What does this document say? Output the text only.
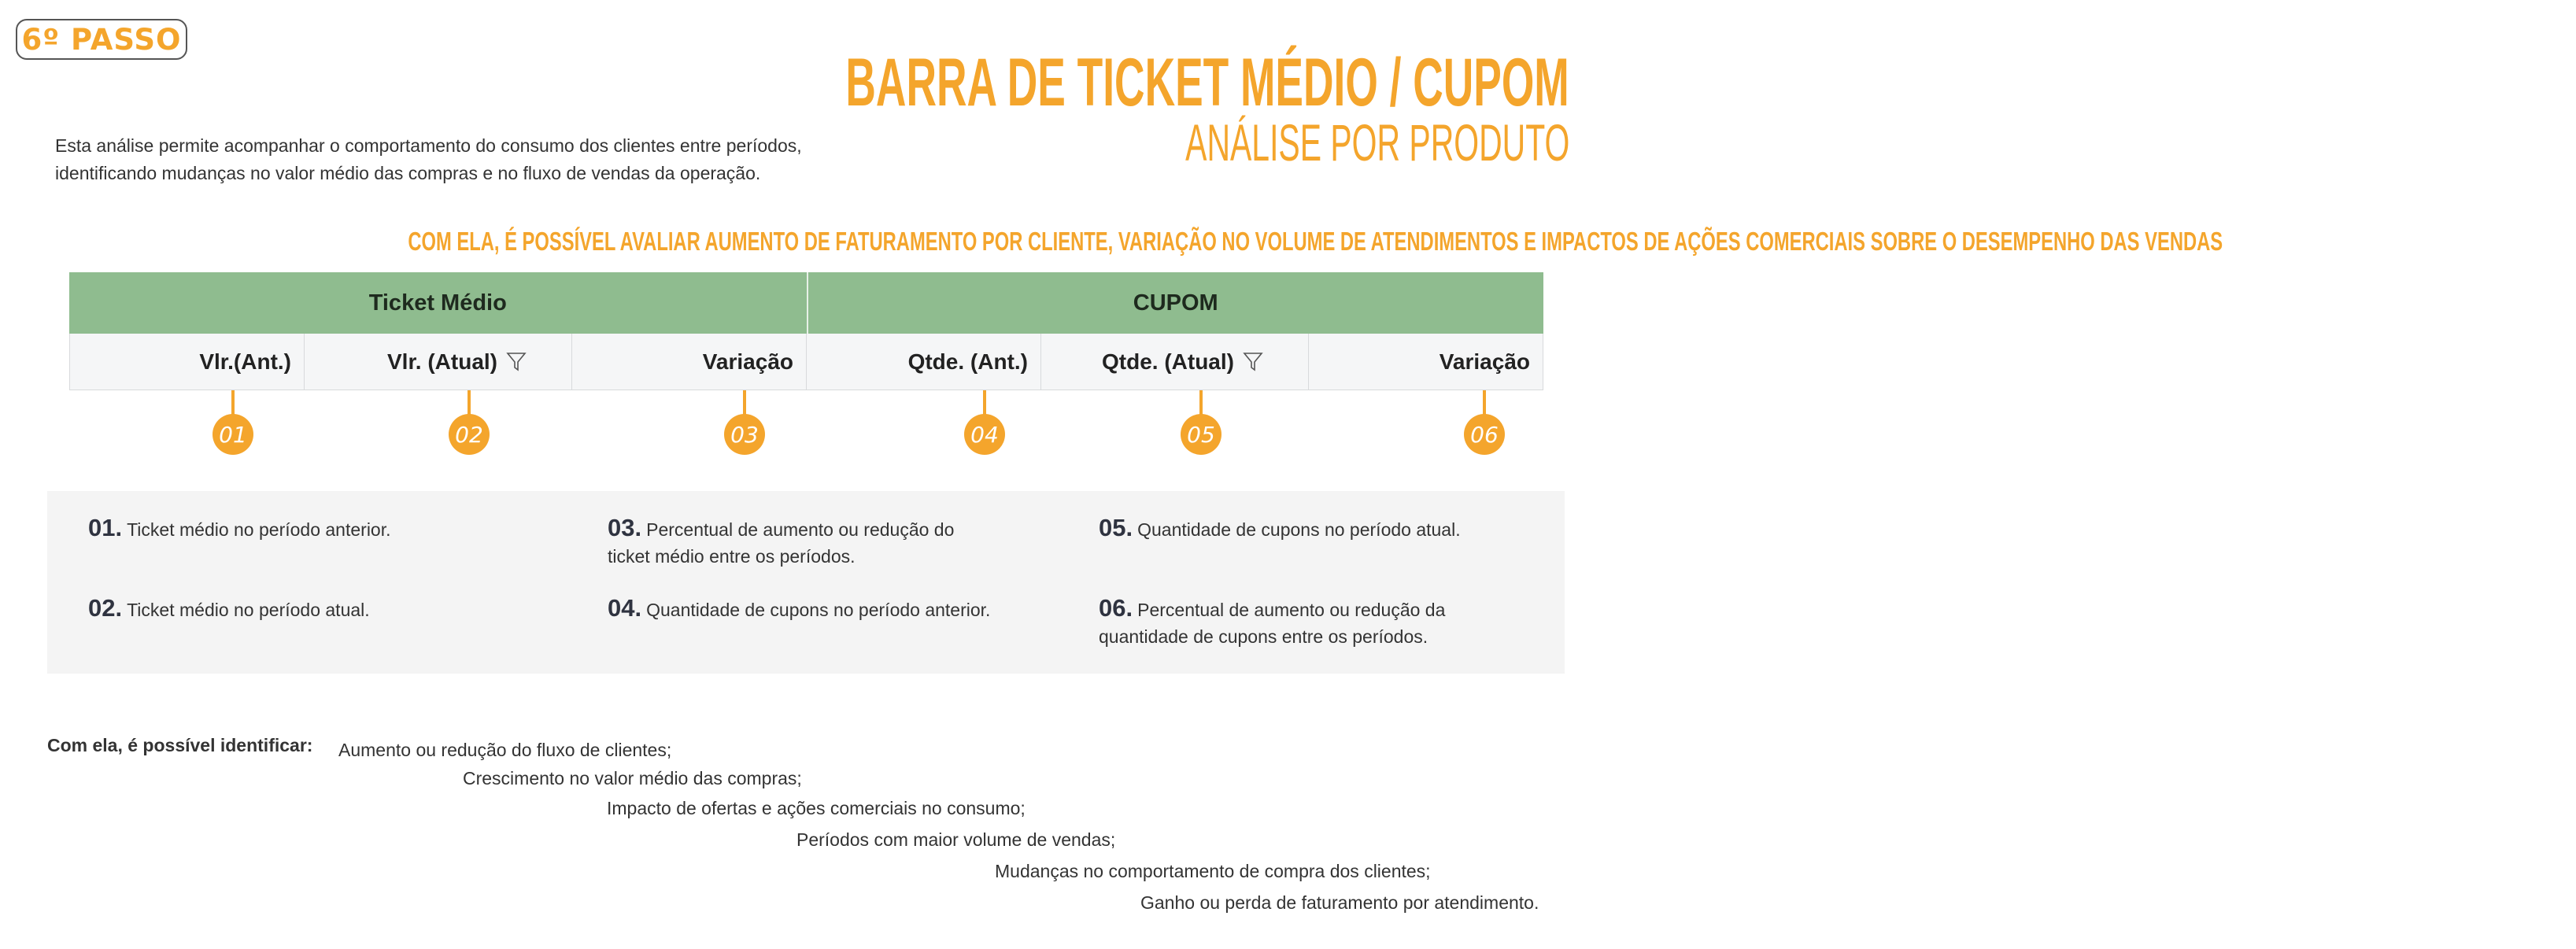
6º PASSO
BARRA DE TICKET MÉDIO / CUPOM
ANÁLISE POR PRODUTO
Esta análise permite acompanhar o comportamento do consumo dos clientes entre períodos,
identificando mudanças no valor médio das compras e no fluxo de vendas da operação.
COM ELA, É POSSÍVEL AVALIAR AUMENTO DE FATURAMENTO POR CLIENTE, VARIAÇÃO NO VOLUME DE ATENDIMENTOS E IMPACTOS DE AÇÕES COMERCIAIS SOBRE O DESEMPENHO DAS VENDAS
Ticket Médio	CUPOM
Vlr.(Ant.)	Vlr. (Atual)	Variação	Qtde. (Ant.)	Qtde. (Atual)	Variação
01	02	03	04	05	06
01. Ticket médio no período anterior.
02. Ticket médio no período atual.
03. Percentual de aumento ou redução do
ticket médio entre os períodos.
04. Quantidade de cupons no período anterior.
05. Quantidade de cupons no período atual.
06. Percentual de aumento ou redução da
quantidade de cupons entre os períodos.
Com ela, é possível identificar: Aumento ou redução do fluxo de clientes;
Crescimento no valor médio das compras;
Impacto de ofertas e ações comerciais no consumo;
Períodos com maior volume de vendas;
Mudanças no comportamento de compra dos clientes;
Ganho ou perda de faturamento por atendimento.
